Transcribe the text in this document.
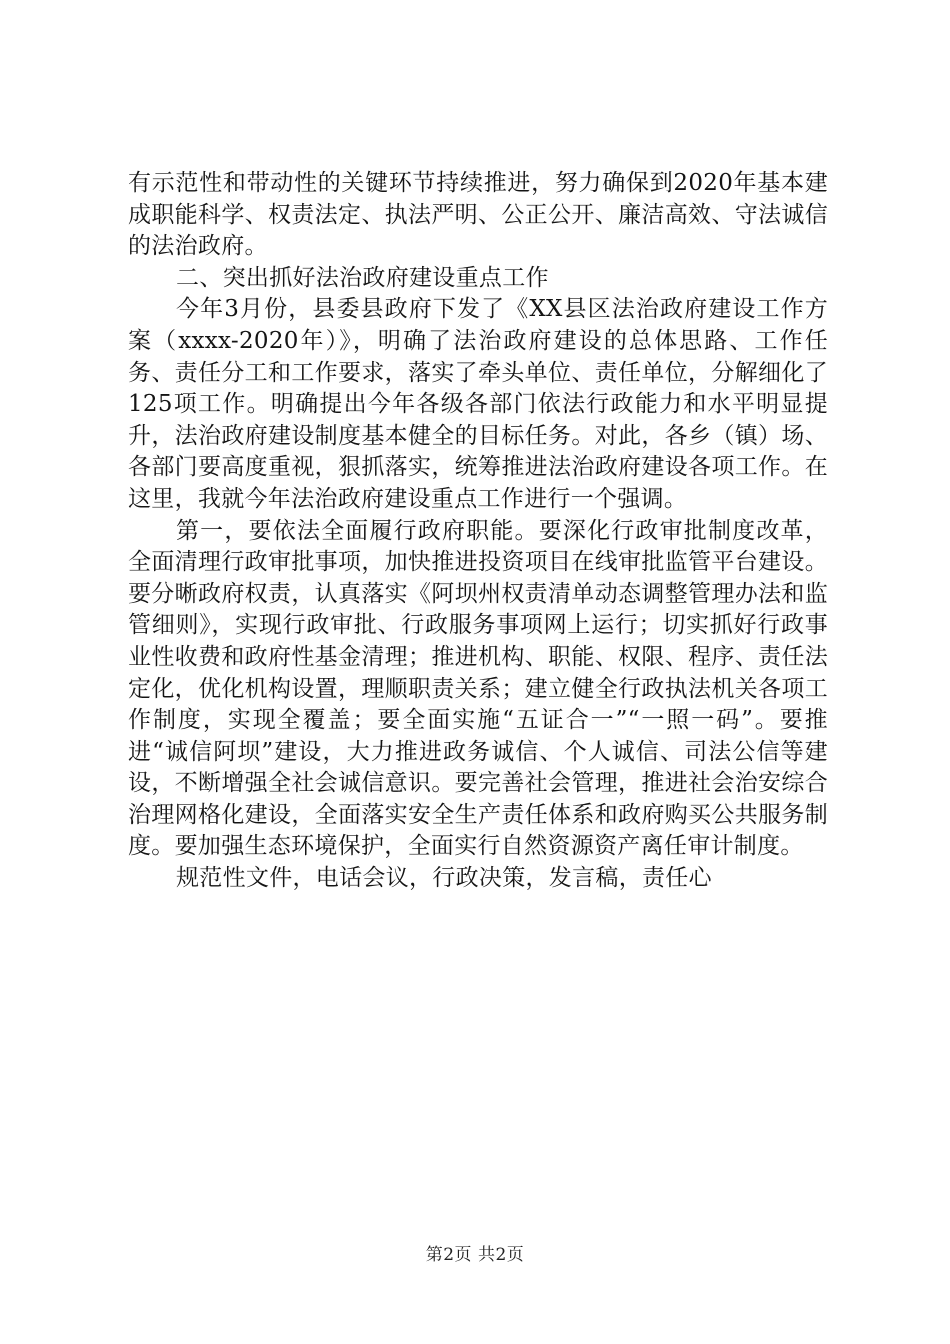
有示范性和带动性的关键环节持续推进，努力确保到2020年基本建成职能科学、权责法定、执法严明、公正公开、廉洁高效、守法诚信的法治政府。

二、突出抓好法治政府建设重点工作

今年3月份，县委县政府下发了《XX县区法治政府建设工作方案（xxxx-2020年）》，明确了法治政府建设的总体思路、工作任务、责任分工和工作要求，落实了牵头单位、责任单位，分解细化了125项工作。明确提出今年各级各部门依法行政能力和水平明显提升，法治政府建设制度基本健全的目标任务。对此，各乡（镇）场、各部门要高度重视，狠抓落实，统筹推进法治政府建设各项工作。在这里，我就今年法治政府建设重点工作进行一个强调。

第一，要依法全面履行政府职能。要深化行政审批制度改革，全面清理行政审批事项，加快推进投资项目在线审批监管平台建设。要分晰政府权责，认真落实《阿坝州权责清单动态调整管理办法和监管细则》，实现行政审批、行政服务事项网上运行；切实抓好行政事业性收费和政府性基金清理；推进机构、职能、权限、程序、责任法定化，优化机构设置，理顺职责关系；建立健全行政执法机关各项工作制度，实现全覆盖；要全面实施“五证合一”“一照一码”。要推进“诚信阿坝”建设，大力推进政务诚信、个人诚信、司法公信等建设，不断增强全社会诚信意识。要完善社会管理，推进社会治安综合治理网格化建设，全面落实安全生产责任体系和政府购买公共服务制度。要加强生态环境保护，全面实行自然资源资产离任审计制度。

规范性文件，电话会议，行政决策，发言稿，责任心

第2页 共2页
